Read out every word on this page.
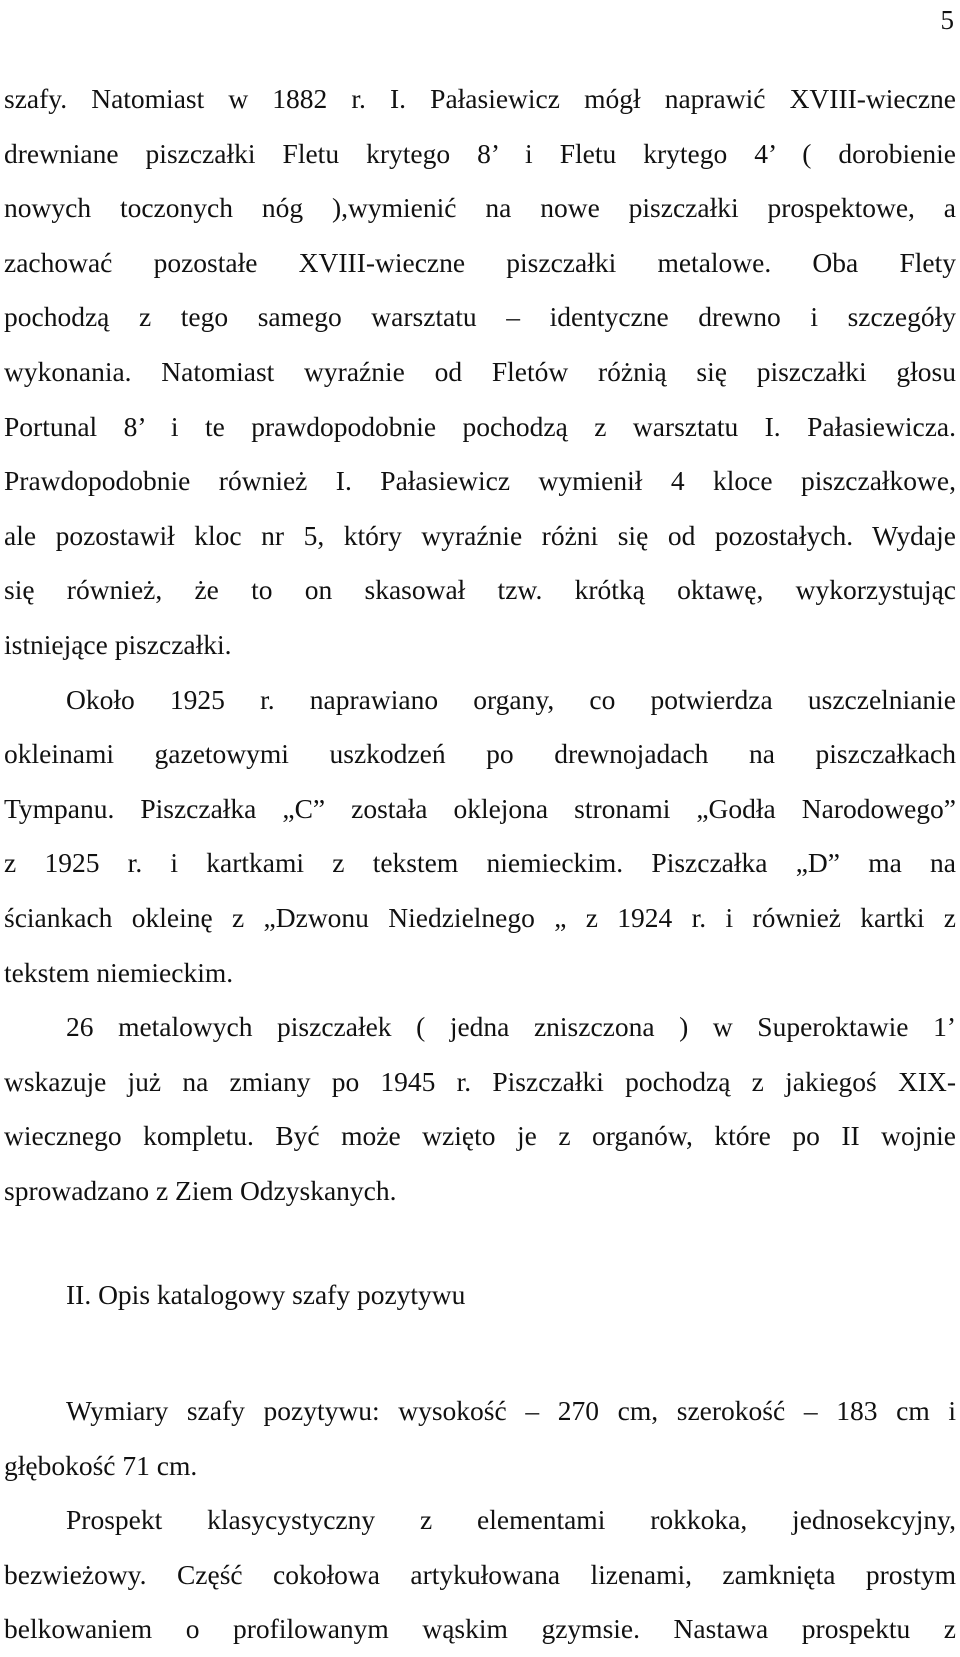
5
szafy. Natomiast w 1882 r. I. Pałasiewicz mógł naprawić XVIII-wieczne
drewniane piszczałki Fletu krytego 8’ i Fletu krytego 4’ ( dorobienie
nowych toczonych nóg ),wymienić na nowe piszczałki prospektowe, a
zachować pozostałe XVIII-wieczne piszczałki metalowe. Oba Flety
pochodzą z tego samego warsztatu – identyczne drewno i szczegóły
wykonania. Natomiast wyraźnie od Fletów różnią się piszczałki głosu
Portunal 8’ i te prawdopodobnie pochodzą z warsztatu I. Pałasiewicza.
Prawdopodobnie również I. Pałasiewicz wymienił 4 kloce piszczałkowe,
ale pozostawił kloc nr 5, który wyraźnie różni się od pozostałych. Wydaje
się również, że to on skasował tzw. krótką oktawę, wykorzystując
istniejące piszczałki.
Około 1925 r. naprawiano organy, co potwierdza uszczelnianie
okleinami gazetowymi uszkodzeń po drewnojadach na piszczałkach
Tympanu. Piszczałka „C” została oklejona stronami „Godła Narodowego”
z 1925 r. i kartkami z tekstem niemieckim. Piszczałka „D” ma na
ściankach okleinę z „Dzwonu Niedzielnego „ z 1924 r. i również kartki z
tekstem niemieckim.
26 metalowych piszczałek ( jedna zniszczona ) w Superoktawie 1’
wskazuje już na zmiany po 1945 r. Piszczałki pochodzą z jakiegoś XIX-
wiecznego kompletu. Być może wzięto je z organów, które po II wojnie
sprowadzano z Ziem Odzyskanych.
II. Opis katalogowy szafy pozytywu
Wymiary szafy pozytywu: wysokość – 270 cm, szerokość – 183 cm i
głębokość 71 cm.
Prospekt klasycystyczny z elementami rokkoka, jednosekcyjny,
bezwieżowy. Część cokołowa artykułowana lizenami, zamknięta prostym
belkowaniem o profilowanym wąskim gzymsie. Nastawa prospektu z
